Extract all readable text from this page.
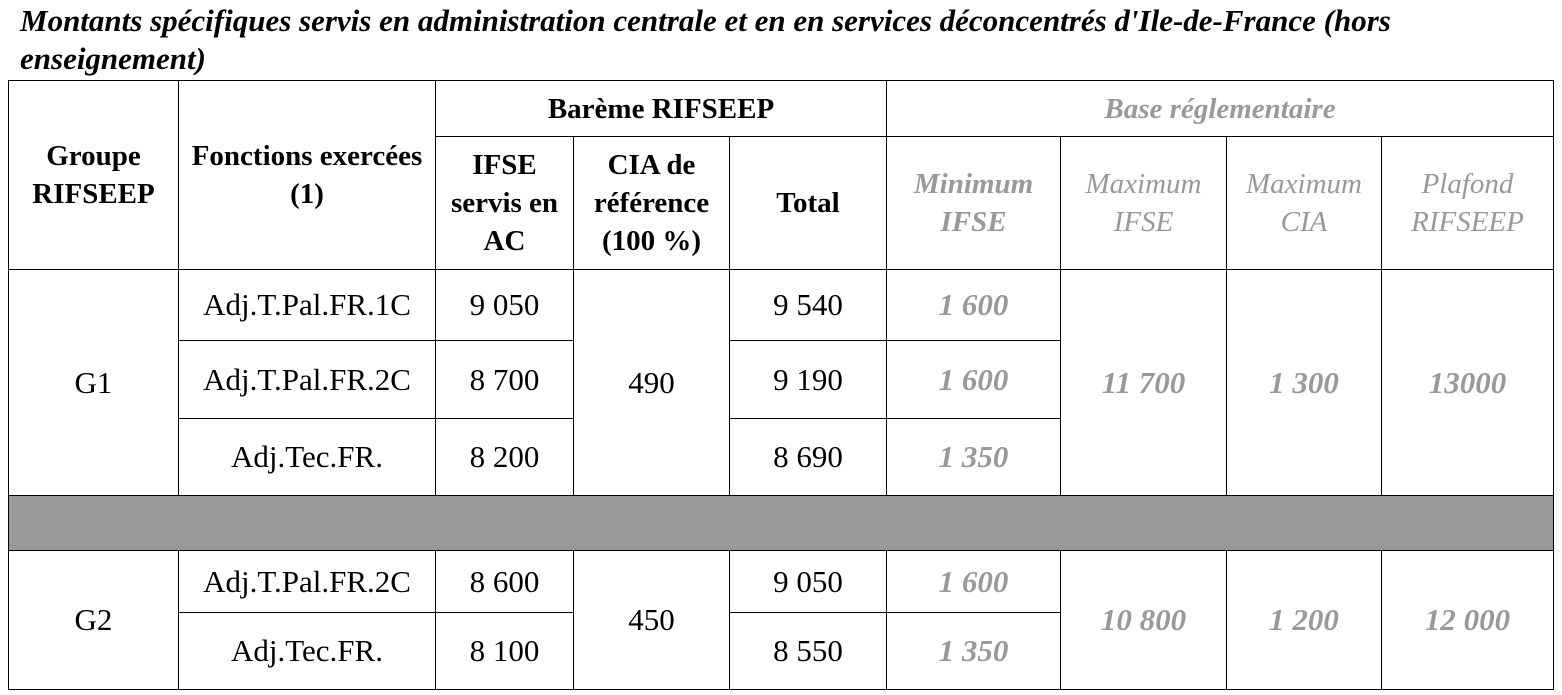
Montants spécifiques servis en administration centrale et en en services déconcentrés d'Ile-de-France (hors enseignement)

Groupe RIFSEEP	Fonctions exercées (1)	Barème RIFSEEP			Base réglementaire			
		IFSE servis en AC	CIA de référence (100 %)	Total	Minimum IFSE	Maximum IFSE	Maximum CIA	Plafond RIFSEEP
G1	Adj.T.Pal.FR.1C	9 050	490	9 540	1 600	11 700	1 300	13000
	Adj.T.Pal.FR.2C	8 700		9 190	1 600			
	Adj.Tec.FR.	8 200		8 690	1 350			

G2	Adj.T.Pal.FR.2C	8 600	450	9 050	1 600	10 800	1 200	12 000
	Adj.Tec.FR.	8 100		8 550	1 350			
